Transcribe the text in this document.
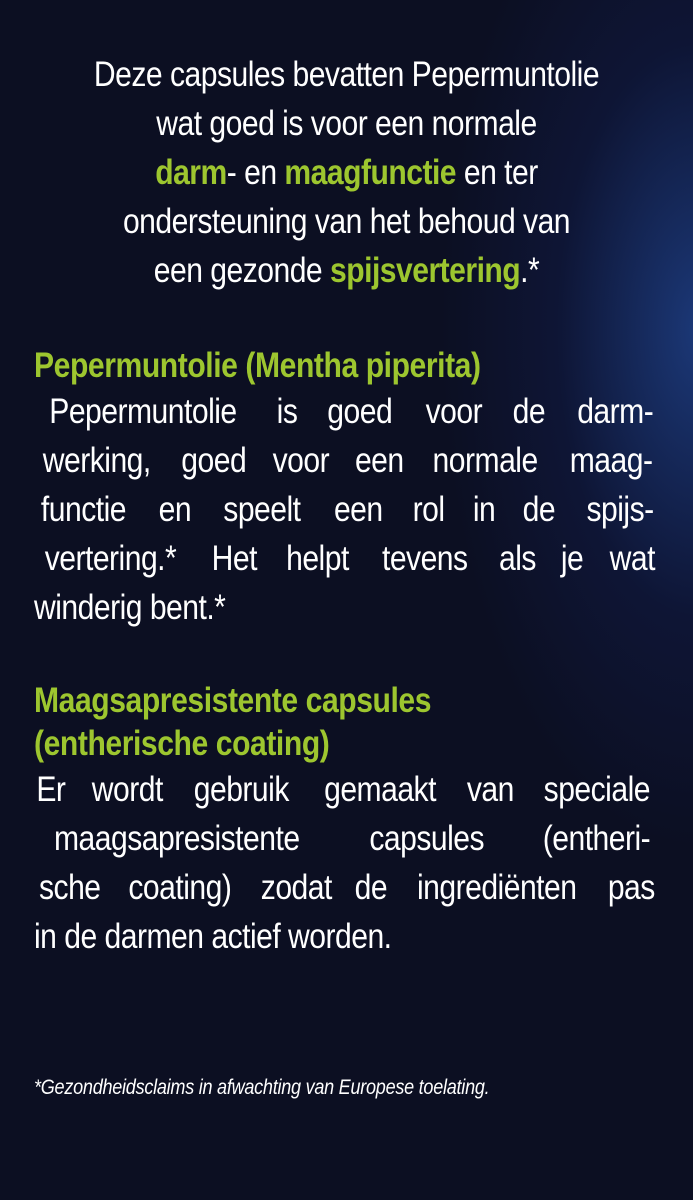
Deze capsules bevatten Pepermuntolie
wat goed is voor een normale
darm- en maagfunctie en ter
ondersteuning van het behoud van
een gezonde spijsvertering.*

Pepermuntolie (Mentha piperita)
Pepermuntolie is goed voor de darm-
werking, goed voor een normale maag-
functie en speelt een rol in de spijs-
vertering.* Het helpt tevens als je wat
winderig bent.*
Maagsapresistente capsules
(entherische coating)
Er wordt gebruik gemaakt van speciale
maagsapresistente capsules (entheri-
sche coating) zodat de ingrediënten pas
in de darmen actief worden.

*Gezondheidsclaims in afwachting van Europese toelating.
